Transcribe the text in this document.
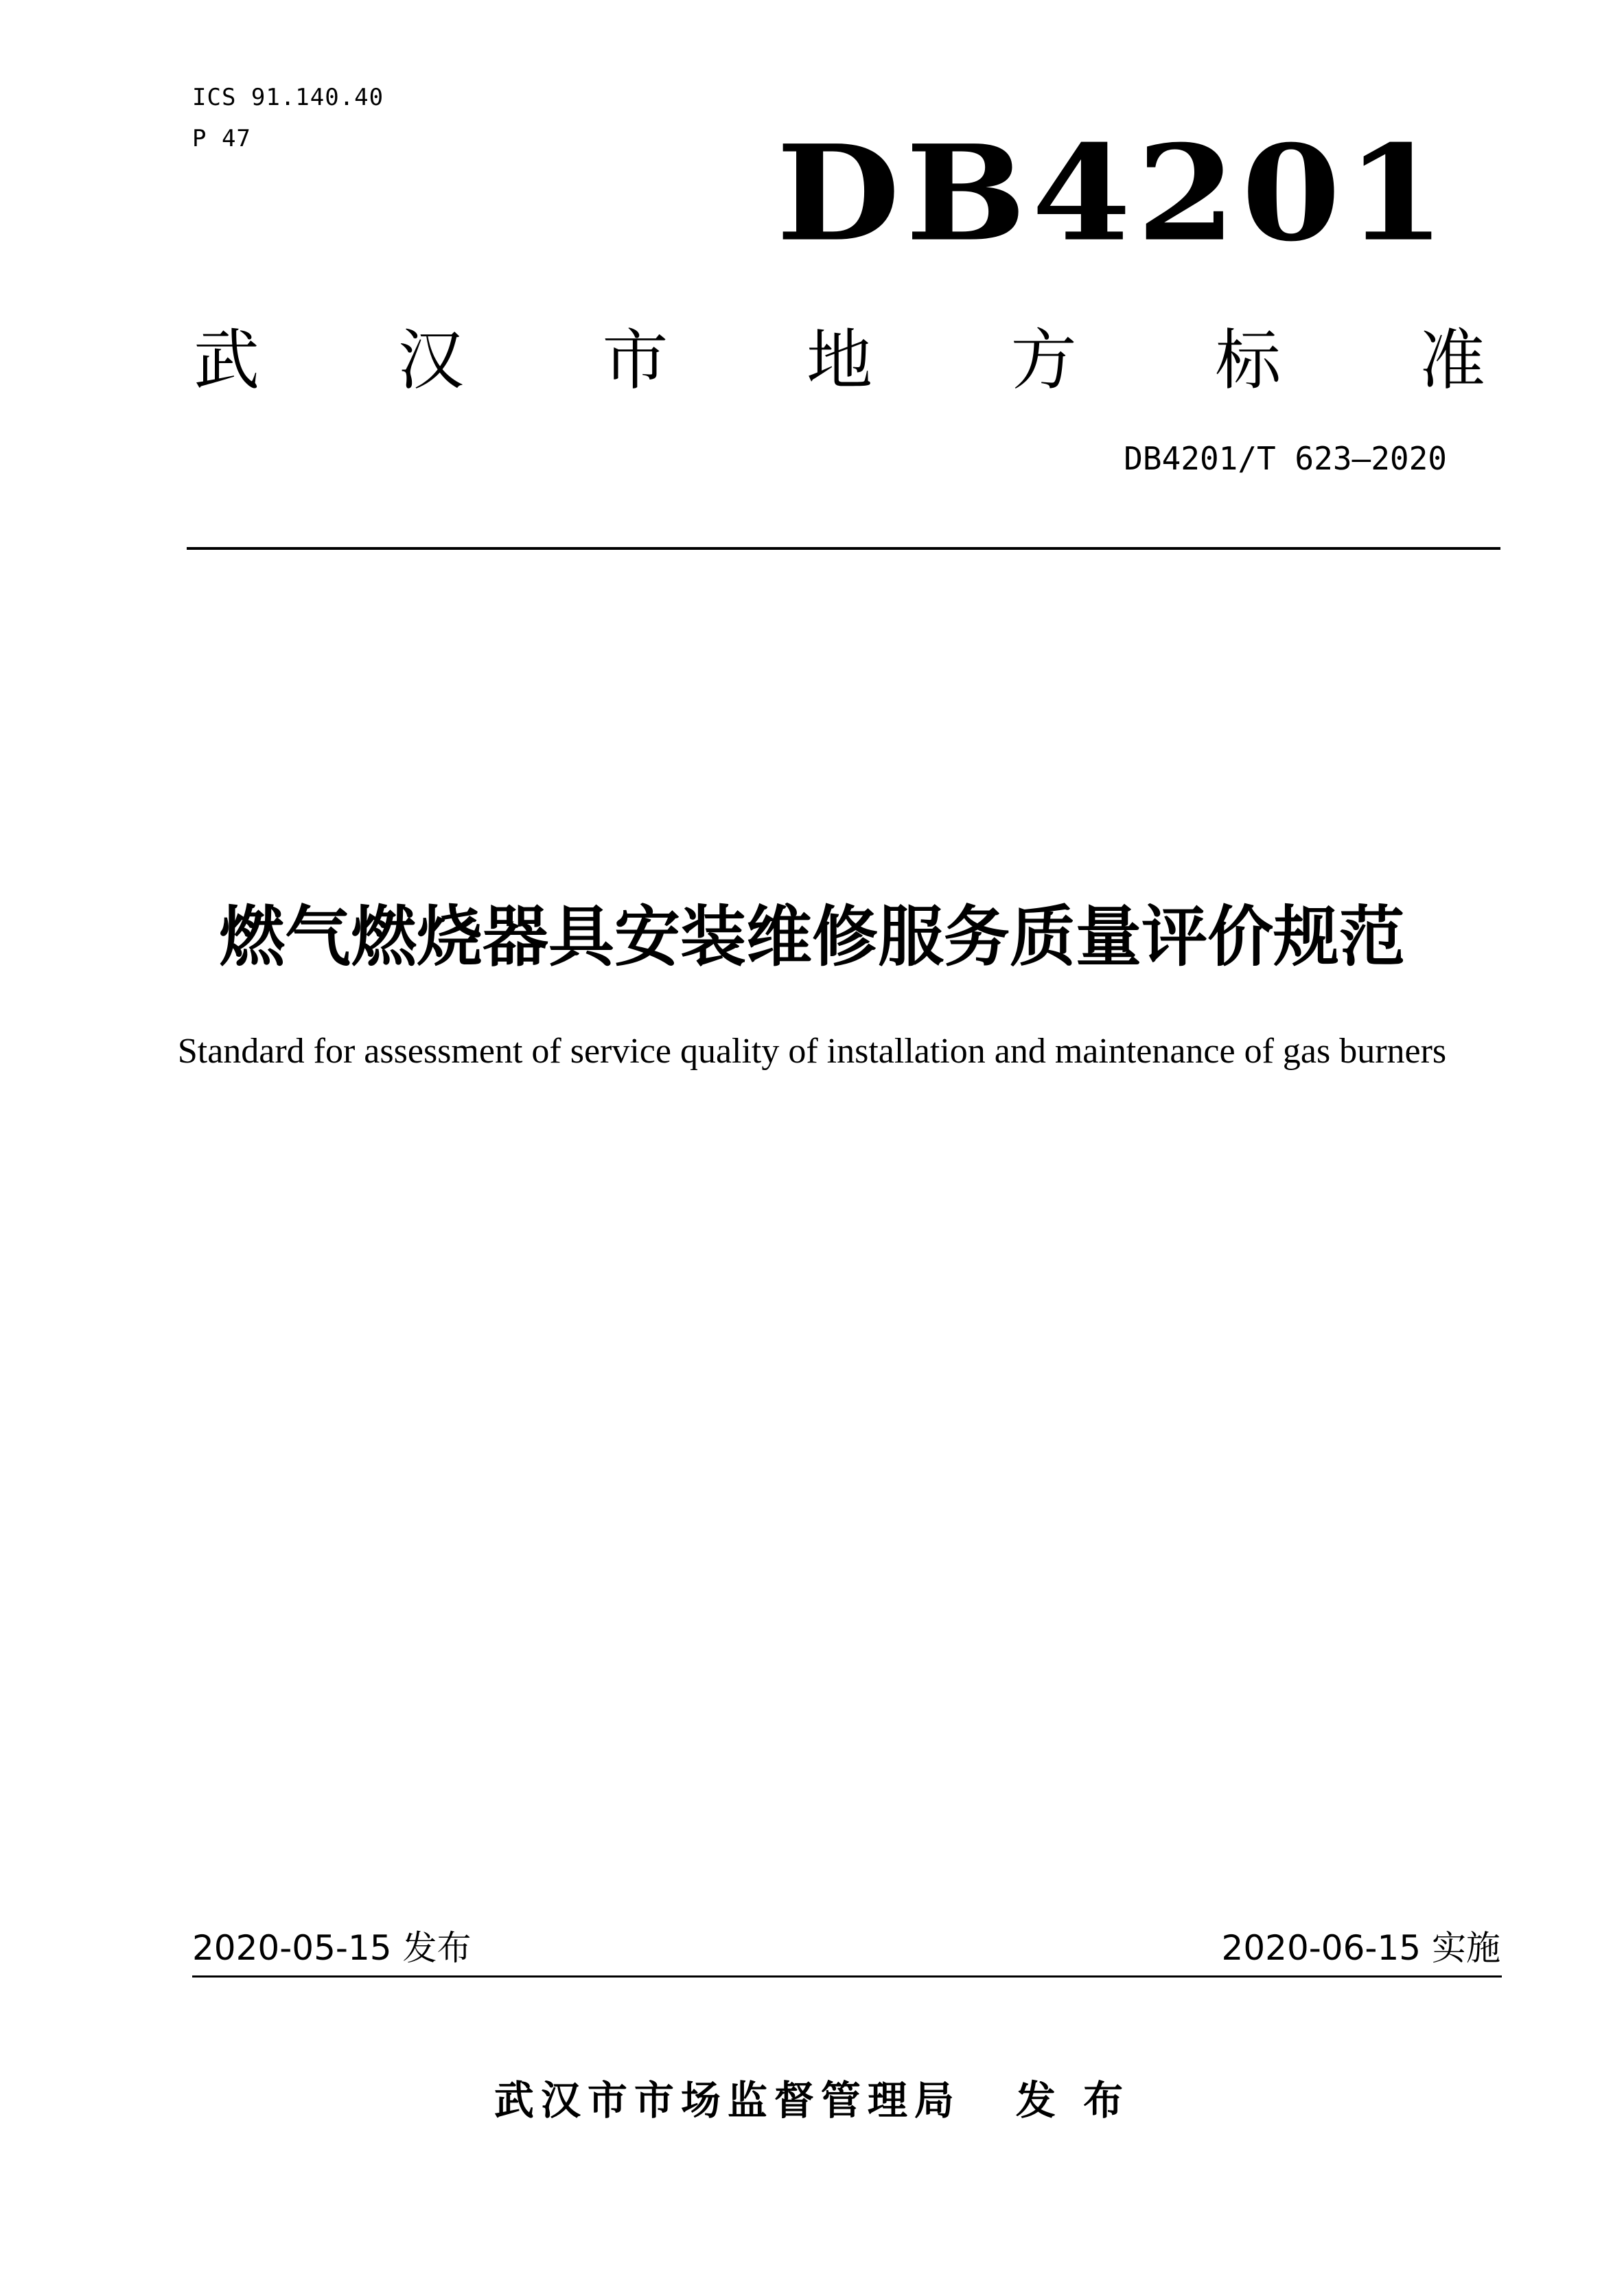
ICS 91.140.40
P 47	DB4201
武 汉 市 地 方 标 准
DB4201/T 623—2020
燃气燃烧器具安装维修服务质量评价规范
Standard for assessment of service quality of installation and maintenance of gas burners
2020-05-15 发布	2020-06-15 实施
武汉市市场监督管理局 发 布
